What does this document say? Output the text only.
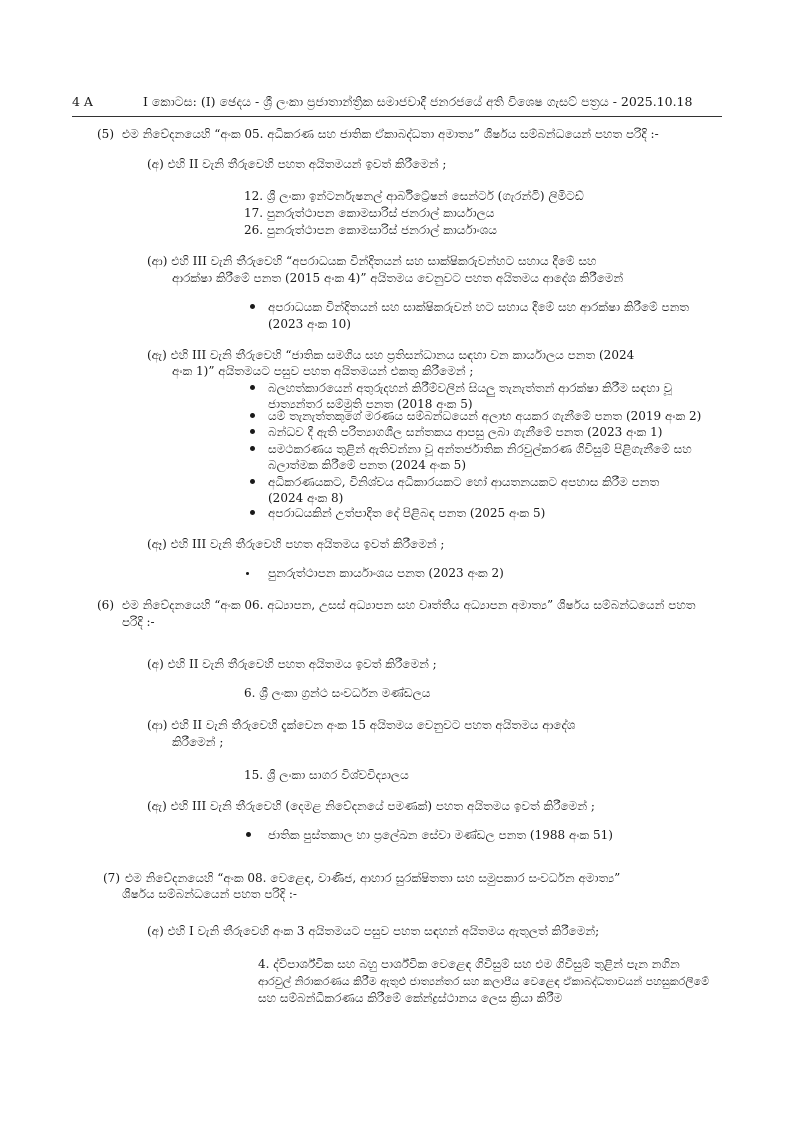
4 A	I කොටස: (I) ඡෙදය - ශ්‍රී ලංකා ප්‍රජාතාන්ත්‍රික සමාජවාදී ජනරජයේ අති විශෙෂ ගැසට් පත්‍රය - 2025.10.18
(5) එම නිවේදනයෙහි “අංක 05. අධිකරණ සහ ජාතික ඒකාබද්ධතා අමාත්‍ය” ශීර්ෂය සම්බන්ධයෙන් පහත පරිදි :-
(අ) එහි II වැනි තීරුවෙහි පහත අයිතමයන් ඉවත් කිරීමෙන් ;
12. ශ්‍රී ලංකා ඉන්ටර්නැෂනල් ආර්බිට්‍රේෂන් සෙන්ටර් (ගැරන්ටි) ලිමිටඩ්
17. පුනරුත්ථාපන කොමසාරිස් ජනරාල් කාර්යාලය
26. පුනරුත්ථාපන කොමසාරිස් ජනරාල් කාර්යාංශය
(ආ) එහි III වැනි තීරුවෙහි “අපරාධයක වින්දිතයන් සහ සාක්ෂිකරුවන්හට සහාය දීමේ සහ
ආරක්ෂා කිරීමේ පනත (2015 අංක 4)” අයිතමය වෙනුවට පහත අයිතමය ආදේශ කිරීමෙන්
අපරාධයක වින්දිතයන් සහ සාක්ෂිකරුවන් හට සහාය දීමේ සහ ආරක්ෂා කිරීමේ පනත
(2023 අංක 10)
(ඇ) එහි III වැනි තීරුවෙහි “ජාතික සමගිය සහ ප්‍රතිසන්ධානය සඳහා වන කාර්යාලය පනත (2024
අංක 1)” අයිතමයට පසුව පහත අයිතමයන් එකතු කිරීමෙන් ;
බලහත්කාරයෙන් අතුරුදහන් කිරීම්වලින් සියලු තැනැත්තන් ආරක්ෂා කිරීම සඳහා වූ
ජාත්‍යන්තර සම්මුති පනත (2018 අංක 5)
යම් තැනැත්තකුගේ මරණය සම්බන්ධයෙන් අලාභ අයකර ගැනීමේ පනත (2019 අංක 2)
බන්ධව දී ඇති පරිත්‍යාගශීල සන්තකය ආපසු ලබා ගැනීමේ පනත (2023 අංක 1)
සමථකරණය තුළින් ඇතිවන්නා වූ අන්තර්ජාතික නිරවුල්කරණ ගිවිසුම් පිළිගැනීමේ සහ
බලාත්මක කිරීමේ පනත (2024 අංක 5)
අධිකරණයකට, විනිශ්චය අධිකාරයකට හෝ ආයතනයකට අපහාස කිරීම පනත
(2024 අංක 8)
අපරාධයකින් උත්පාදිත දේ පිළිබඳ පනත (2025 අංක 5)
(ඈ) එහි III වැනි තීරුවෙහි පහත අයිතමය ඉවත් කිරීමෙන් ;
පුනරුත්ථාපන කාර්යාංශය පනත (2023 අංක 2)
(6) එම නිවේදනයෙහි “අංක 06. අධ්‍යාපන, උසස් අධ්‍යාපන සහ වෘත්තීය අධ්‍යාපන අමාත්‍ය” ශීර්ෂය සම්බන්ධයෙන් පහත
පරිදි :-
(අ) එහි II වැනි තීරුවෙහි පහත අයිතමය ඉවත් කිරීමෙන් ;
6. ශ්‍රී ලංකා ග්‍රන්ථ සංවර්ධන මණ්ඩලය
(ආ) එහි II වැනි තීරුවෙහි දැක්වෙන අංක 15 අයිතමය වෙනුවට පහත අයිතමය ආදේශ
කිරීමෙන් ;
15. ශ්‍රී ලංකා සාගර විශ්වවිද්‍යාලය
(ඇ) එහි III වැනි තීරුවෙහි (දෙමළ නිවේදනයේ පමණක්) පහත අයිතමය ඉවත් කිරීමෙන් ;
ජාතික පුස්තකාල හා ප්‍රලේඛන සේවා මණ්ඩල පනත (1988 අංක 51)
(7) එම නිවේදනයෙහි “අංක 08. වෙළෙඳ, වාණිජ, ආහාර සුරක්ෂිතතා සහ සමුපකාර සංවර්ධන අමාත්‍ය”
ශීර්ෂය සම්බන්ධයෙන් පහත පරිදි :-
(අ) එහි I වැනි තීරුවෙහි අංක 3 අයිතමයට පසුව පහත සඳහන් අයිතමය ඇතුලත් කිරීමෙන්;
4. ද්විපාර්ශ්වික සහ බහු පාර්ශ්වික වෙළෙඳ ගිවිසුම් සහ එම ගිවිසුම් තුළින් පැන නගින
ආරවුල් නිරාකරණය කිරීම ඇතුළු ජාත්‍යන්තර සහ කලාපීය වෙළෙඳ ඒකාබද්ධතාවයන් පහසුකරලීමේ
සහ සම්බන්ධීකරණය කිරීමේ කේන්ද්‍රස්ථානය ලෙස ක්‍රියා කිරීම
